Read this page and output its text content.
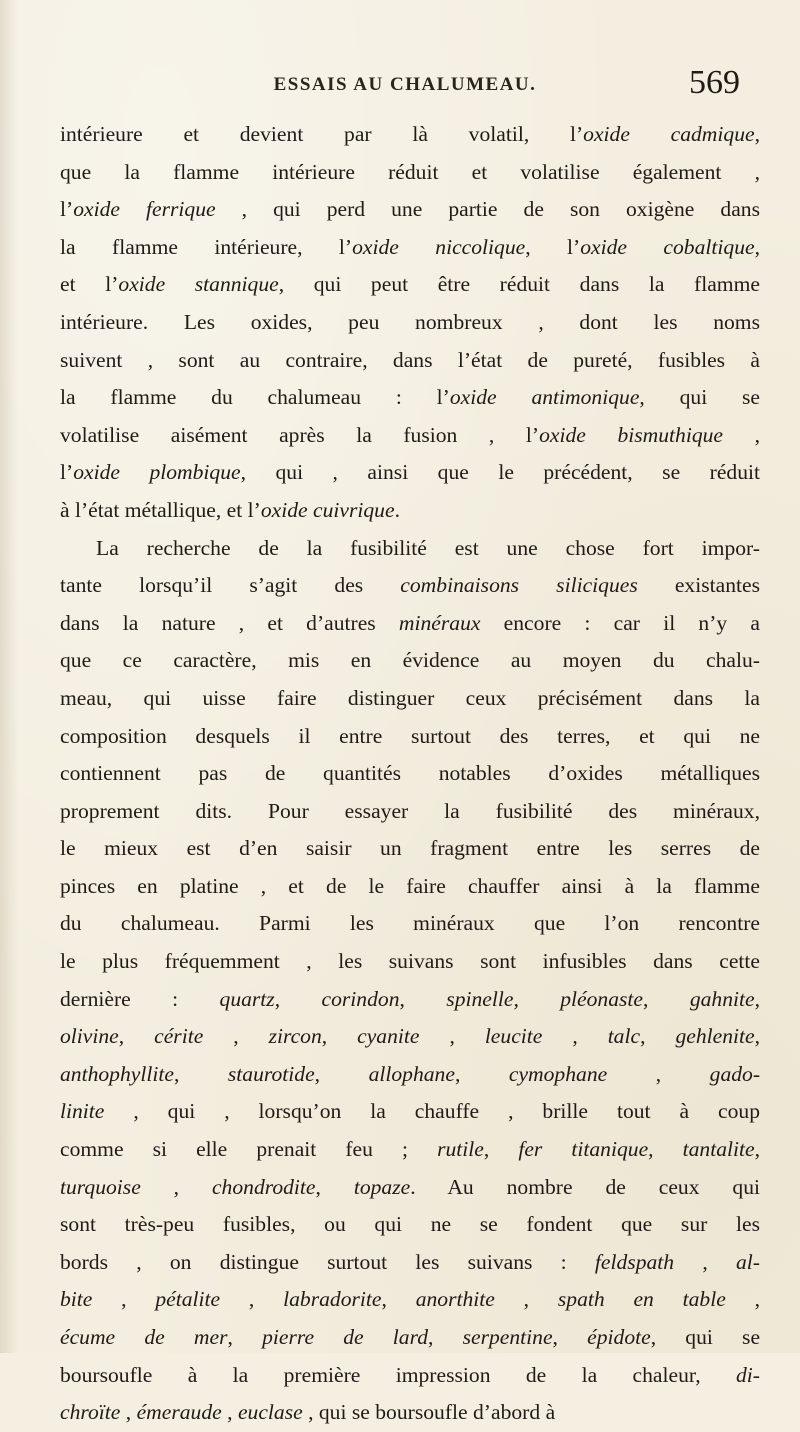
ESSAIS AU CHALUMEAU.	569
intérieure et devient par là volatil, l’oxide cadmique,
que la flamme intérieure réduit et volatilise également ,
l’oxide ferrique , qui perd une partie de son oxigène dans
la flamme intérieure, l’oxide niccolique, l’oxide cobaltique,
et l’oxide stannique, qui peut être réduit dans la flamme
intérieure. Les oxides, peu nombreux , dont les noms
suivent , sont au contraire, dans l’état de pureté, fusibles à
la flamme du chalumeau : l’oxide antimonique, qui se
volatilise aisément après la fusion , l’oxide bismuthique ,
l’oxide plombique, qui , ainsi que le précédent, se réduit
à l’état métallique, et l’oxide cuivrique.
La recherche de la fusibilité est une chose fort impor-
tante lorsqu’il s’agit des combinaisons siliciques existantes
dans la nature , et d’autres minéraux encore : car il n’y a
que ce caractère, mis en évidence au moyen du chalu-
meau, qui uisse faire distinguer ceux précisément dans la
composition desquels il entre surtout des terres, et qui ne
contiennent pas de quantités notables d’oxides métalliques
proprement dits. Pour essayer la fusibilité des minéraux,
le mieux est d’en saisir un fragment entre les serres de
pinces en platine , et de le faire chauffer ainsi à la flamme
du chalumeau. Parmi les minéraux que l’on rencontre
le plus fréquemment , les suivans sont infusibles dans cette
dernière : quartz, corindon, spinelle, pléonaste, gahnite,
olivine, cérite , zircon, cyanite , leucite , talc, gehlenite,
anthophyllite, staurotide, allophane, cymophane , gado-
linite , qui , lorsqu’on la chauffe , brille tout à coup
comme si elle prenait feu ; rutile, fer titanique, tantalite,
turquoise , chondrodite, topaze. Au nombre de ceux qui
sont très-peu fusibles, ou qui ne se fondent que sur les
bords , on distingue surtout les suivans : feldspath , al-
bite , pétalite , labradorite, anorthite , spath en table ,
écume de mer, pierre de lard, serpentine, épidote, qui se
boursoufle à la première impression de la chaleur, di-
chroïte , émeraude , euclase , qui se boursoufle d’abord à
